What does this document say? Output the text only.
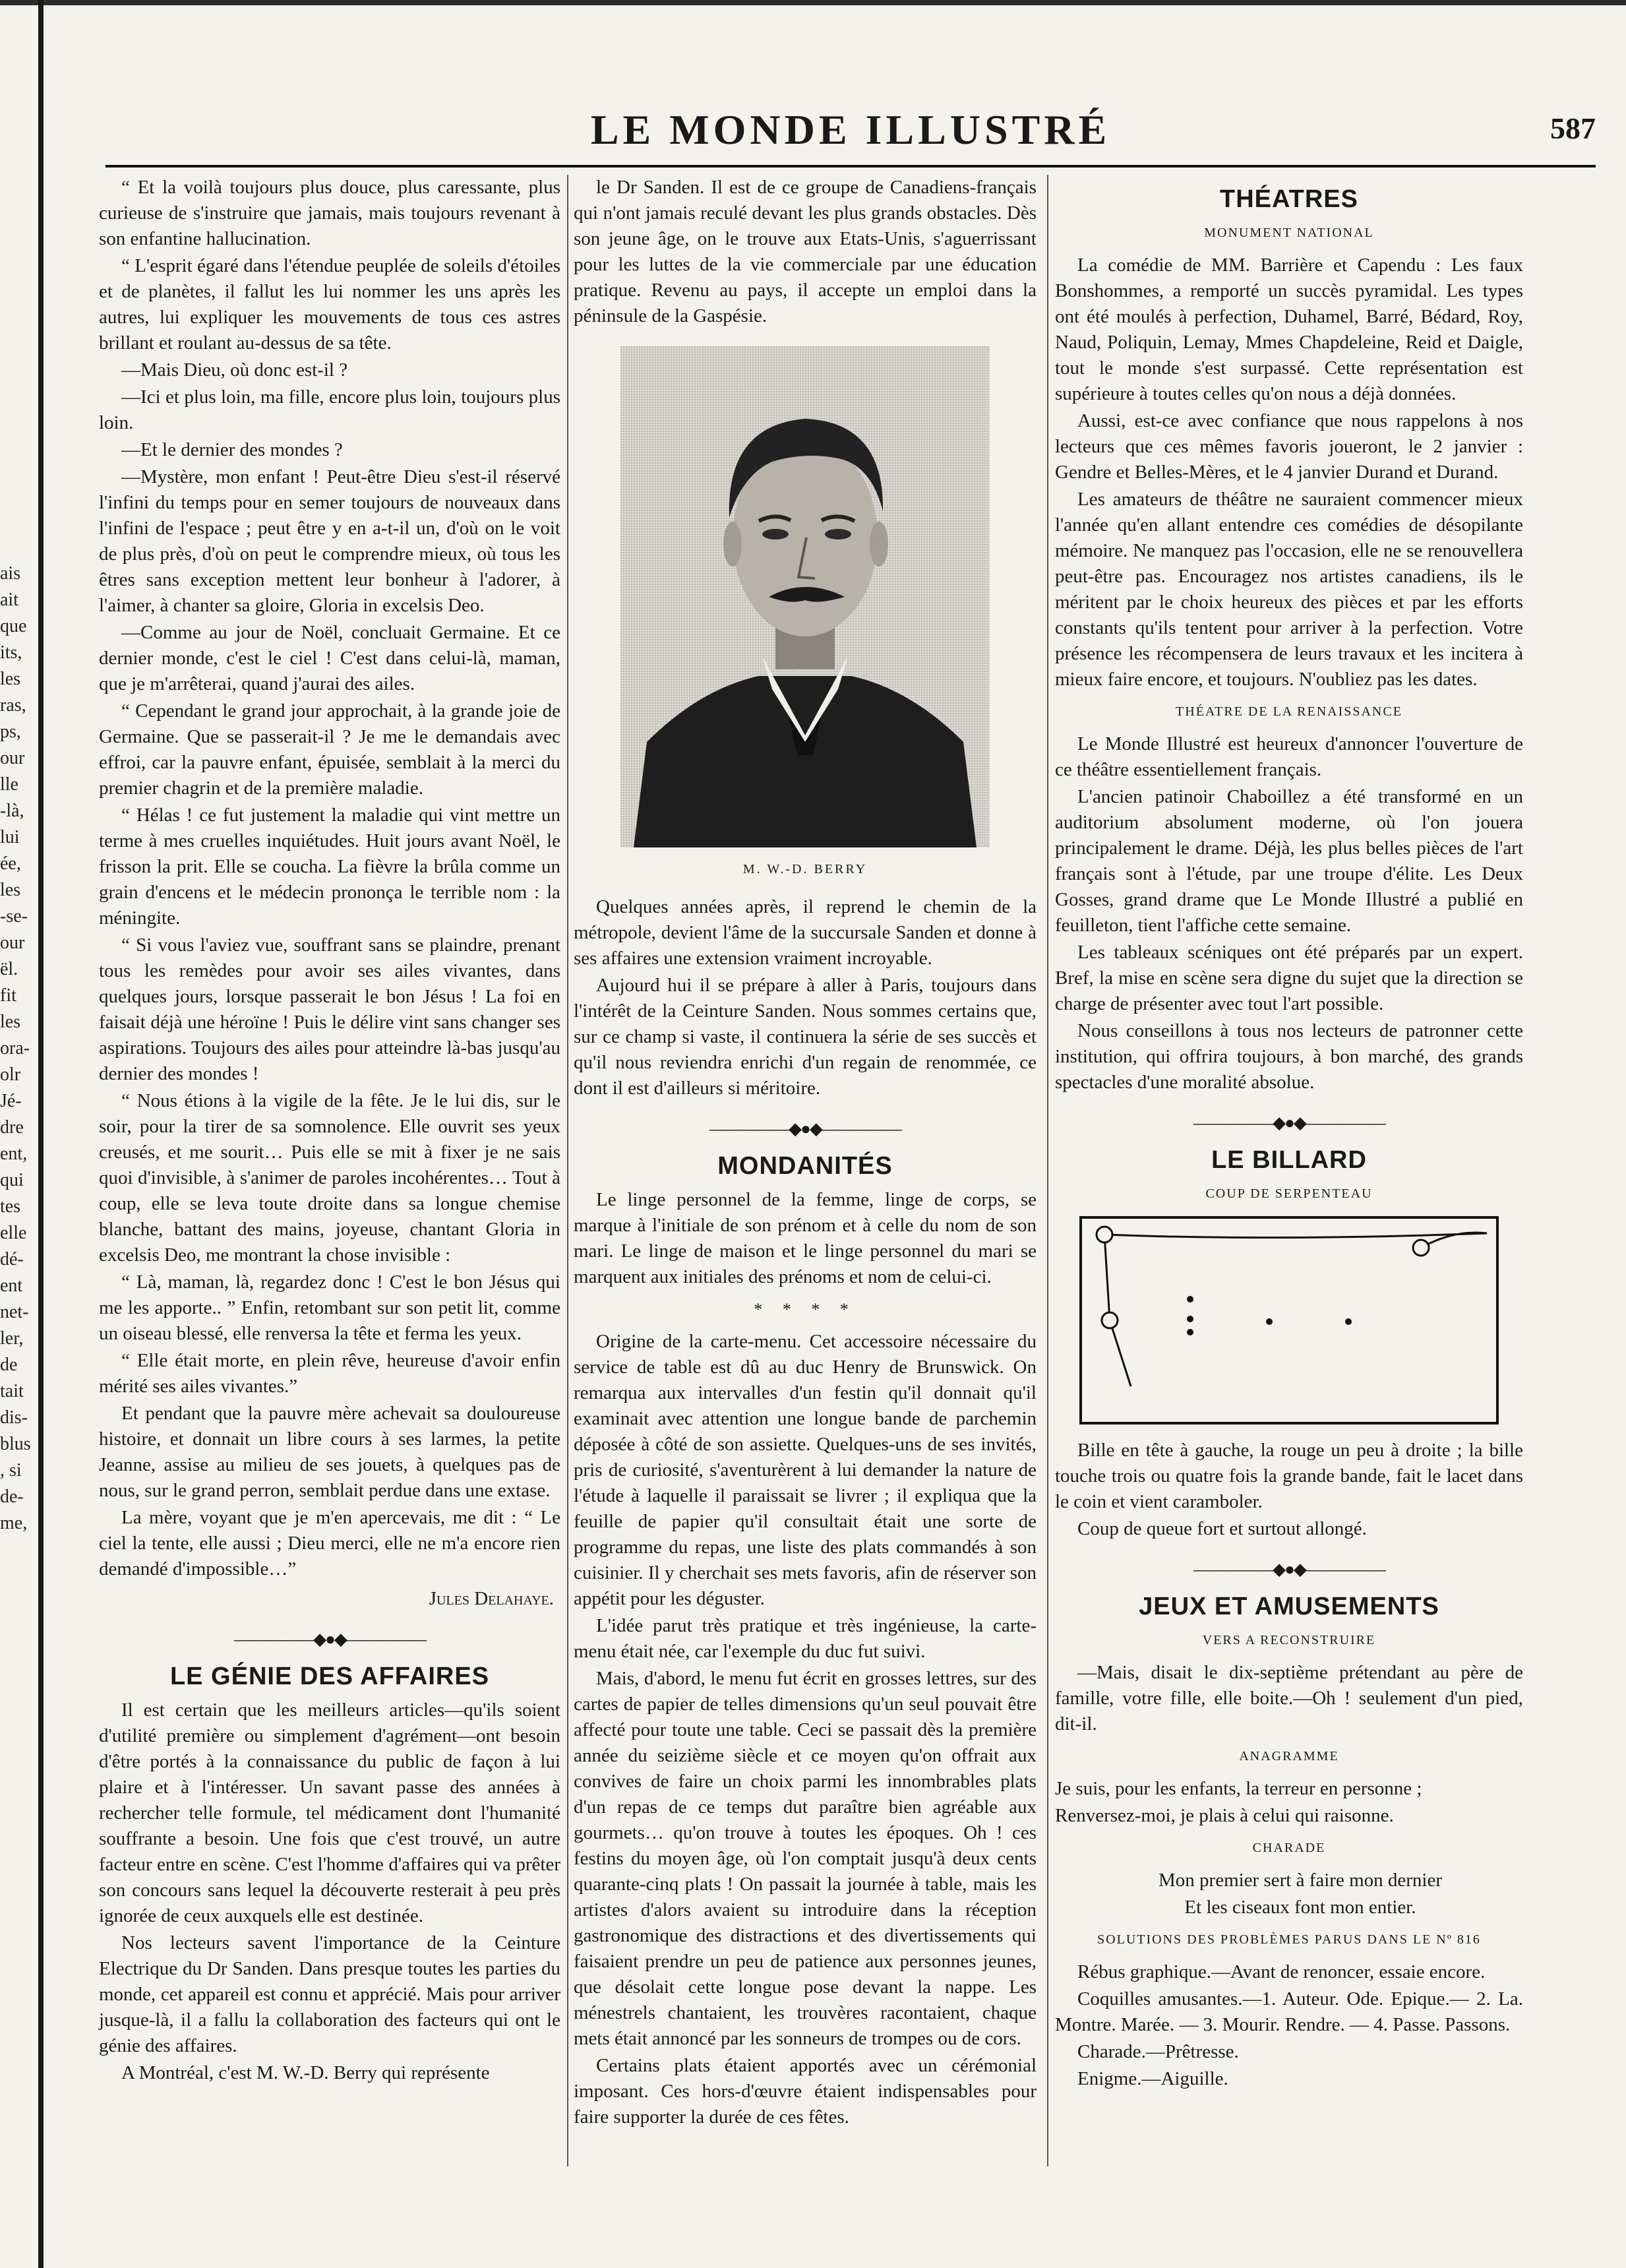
ais
ait
que
its,
les
ras,
ps,
our
lle
-là,
lui
ée,
les
-se-
our
ël.
fit
les
ora-
olr
Jé-
dre
ent,
qui
tes
elle
dé-
ent
net-
ler,
de
tait
dis-
blus
, si
de-
me,
LE MONDE ILLUSTRÉ	587

“ Et la voilà toujours plus douce, plus caressante, plus curieuse de s'instruire que jamais, mais toujours revenant à son enfantine hallucination.

“ L'esprit égaré dans l'étendue peuplée de soleils d'étoiles et de planètes, il fallut les lui nommer les uns après les autres, lui expliquer les mouvements de tous ces astres brillant et roulant au-dessus de sa tête.

—Mais Dieu, où donc est-il ?

—Ici et plus loin, ma fille, encore plus loin, toujours plus loin.

—Et le dernier des mondes ?

—Mystère, mon enfant ! Peut-être Dieu s'est-il réservé l'infini du temps pour en semer toujours de nouveaux dans l'infini de l'espace ; peut être y en a-t-il un, d'où on le voit de plus près, d'où on peut le comprendre mieux, où tous les êtres sans exception mettent leur bonheur à l'adorer, à l'aimer, à chanter sa gloire, Gloria in excelsis Deo.

—Comme au jour de Noël, concluait Germaine. Et ce dernier monde, c'est le ciel ! C'est dans celui-là, maman, que je m'arrêterai, quand j'aurai des ailes.

“ Cependant le grand jour approchait, à la grande joie de Germaine. Que se passerait-il ? Je me le demandais avec effroi, car la pauvre enfant, épuisée, semblait à la merci du premier chagrin et de la première maladie.

“ Hélas ! ce fut justement la maladie qui vint mettre un terme à mes cruelles inquiétudes. Huit jours avant Noël, le frisson la prit. Elle se coucha. La fièvre la brûla comme un grain d'encens et le médecin prononça le terrible nom : la méningite.

“ Si vous l'aviez vue, souffrant sans se plaindre, prenant tous les remèdes pour avoir ses ailes vivantes, dans quelques jours, lorsque passerait le bon Jésus ! La foi en faisait déjà une héroïne ! Puis le délire vint sans changer ses aspirations. Toujours des ailes pour atteindre là-bas jusqu'au dernier des mondes !

“ Nous étions à la vigile de la fête. Je le lui dis, sur le soir, pour la tirer de sa somnolence. Elle ouvrit ses yeux creusés, et me sourit… Puis elle se mit à fixer je ne sais quoi d'invisible, à s'animer de paroles incohérentes… Tout à coup, elle se leva toute droite dans sa longue chemise blanche, battant des mains, joyeuse, chantant Gloria in excelsis Deo, me montrant la chose invisible :

“ Là, maman, là, regardez donc ! C'est le bon Jésus qui me les apporte.. ” Enfin, retombant sur son petit lit, comme un oiseau blessé, elle renversa la tête et ferma les yeux.

“ Elle était morte, en plein rêve, heureuse d'avoir enfin mérité ses ailes vivantes.”

Et pendant que la pauvre mère achevait sa douloureuse histoire, et donnait un libre cours à ses larmes, la petite Jeanne, assise au milieu de ses jouets, à quelques pas de nous, sur le grand perron, semblait perdue dans une extase.

La mère, voyant que je m'en apercevais, me dit : “ Le ciel la tente, elle aussi ; Dieu merci, elle ne m'a encore rien demandé d'impossible…”

Jules Delahaye.
—————◆●◆—————
LE GÉNIE DES AFFAIRES

Il est certain que les meilleurs articles—qu'ils soient d'utilité première ou simplement d'agrément—ont besoin d'être portés à la connaissance du public de façon à lui plaire et à l'intéresser. Un savant passe des années à rechercher telle formule, tel médicament dont l'humanité souffrante a besoin. Une fois que c'est trouvé, un autre facteur entre en scène. C'est l'homme d'affaires qui va prêter son concours sans lequel la découverte resterait à peu près ignorée de ceux auxquels elle est destinée.

Nos lecteurs savent l'importance de la Ceinture Electrique du Dr Sanden. Dans presque toutes les parties du monde, cet appareil est connu et apprécié. Mais pour arriver jusque-là, il a fallu la collaboration des facteurs qui ont le génie des affaires.

A Montréal, c'est M. W.-D. Berry qui représente

le Dr Sanden. Il est de ce groupe de Canadiens-français qui n'ont jamais reculé devant les plus grands obstacles. Dès son jeune âge, on le trouve aux Etats-Unis, s'aguerrissant pour les luttes de la vie commerciale par une éducation pratique. Revenu au pays, il accepte un emploi dans la péninsule de la Gaspésie.

M. W.-D. BERRY

Quelques années après, il reprend le chemin de la métropole, devient l'âme de la succursale Sanden et donne à ses affaires une extension vraiment incroyable.

Aujourd hui il se prépare à aller à Paris, toujours dans l'intérêt de la Ceinture Sanden. Nous sommes certains que, sur ce champ si vaste, il continuera la série de ses succès et qu'il nous reviendra enrichi d'un regain de renommée, ce dont il est d'ailleurs si méritoire.

—————◆●◆—————
MONDANITÉS

Le linge personnel de la femme, linge de corps, se marque à l'initiale de son prénom et à celle du nom de son mari. Le linge de maison et le linge personnel du mari se marquent aux initiales des prénoms et nom de celui-ci.

* * * *

Origine de la carte-menu. Cet accessoire nécessaire du service de table est dû au duc Henry de Brunswick. On remarqua aux intervalles d'un festin qu'il donnait qu'il examinait avec attention une longue bande de parchemin déposée à côté de son assiette. Quelques-uns de ses invités, pris de curiosité, s'aventurèrent à lui demander la nature de l'étude à laquelle il paraissait se livrer ; il expliqua que la feuille de papier qu'il consultait était une sorte de programme du repas, une liste des plats commandés à son cuisinier. Il y cherchait ses mets favoris, afin de réserver son appétit pour les déguster.

L'idée parut très pratique et très ingénieuse, la carte-menu était née, car l'exemple du duc fut suivi.

Mais, d'abord, le menu fut écrit en grosses lettres, sur des cartes de papier de telles dimensions qu'un seul pouvait être affecté pour toute une table. Ceci se passait dès la première année du seizième siècle et ce moyen qu'on offrait aux convives de faire un choix parmi les innombrables plats d'un repas de ce temps dut paraître bien agréable aux gourmets… qu'on trouve à toutes les époques. Oh ! ces festins du moyen âge, où l'on comptait jusqu'à deux cents quarante-cinq plats ! On passait la journée à table, mais les artistes d'alors avaient su introduire dans la réception gastronomique des distractions et des divertissements qui faisaient prendre un peu de patience aux personnes jeunes, que désolait cette longue pose devant la nappe. Les ménestrels chantaient, les trouvères racontaient, chaque mets était annoncé par les sonneurs de trompes ou de cors.

Certains plats étaient apportés avec un cérémonial imposant. Ces hors-d'œuvre étaient indispensables pour faire supporter la durée de ces fêtes.

THÉATRES
MONUMENT NATIONAL

La comédie de MM. Barrière et Capendu : Les faux Bonshommes, a remporté un succès pyramidal. Les types ont été moulés à perfection, Duhamel, Barré, Bédard, Roy, Naud, Poliquin, Lemay, Mmes Chapdeleine, Reid et Daigle, tout le monde s'est surpassé. Cette représentation est supérieure à toutes celles qu'on nous a déjà données.

Aussi, est-ce avec confiance que nous rappelons à nos lecteurs que ces mêmes favoris joueront, le 2 janvier : Gendre et Belles-Mères, et le 4 janvier Durand et Durand.

Les amateurs de théâtre ne sauraient commencer mieux l'année qu'en allant entendre ces comédies de désopilante mémoire. Ne manquez pas l'occasion, elle ne se renouvellera peut-être pas. Encouragez nos artistes canadiens, ils le méritent par le choix heureux des pièces et par les efforts constants qu'ils tentent pour arriver à la perfection. Votre présence les récompensera de leurs travaux et les incitera à mieux faire encore, et toujours. N'oubliez pas les dates.

THÉATRE DE LA RENAISSANCE

Le Monde Illustré est heureux d'annoncer l'ouverture de ce théâtre essentiellement français.

L'ancien patinoir Chaboillez a été transformé en un auditorium absolument moderne, où l'on jouera principalement le drame. Déjà, les plus belles pièces de l'art français sont à l'étude, par une troupe d'élite. Les Deux Gosses, grand drame que Le Monde Illustré a publié en feuilleton, tient l'affiche cette semaine.

Les tableaux scéniques ont été préparés par un expert. Bref, la mise en scène sera digne du sujet que la direction se charge de présenter avec tout l'art possible.

Nous conseillons à tous nos lecteurs de patronner cette institution, qui offrira toujours, à bon marché, des grands spectacles d'une moralité absolue.

—————◆●◆—————
LE BILLARD
COUP DE SERPENTEAU

Bille en tête à gauche, la rouge un peu à droite ; la bille touche trois ou quatre fois la grande bande, fait le lacet dans le coin et vient caramboler.

Coup de queue fort et surtout allongé.

—————◆●◆—————
JEUX ET AMUSEMENTS
VERS A RECONSTRUIRE

—Mais, disait le dix-septième prétendant au père de famille, votre fille, elle boite.—Oh ! seulement d'un pied, dit-il.

ANAGRAMME

Je suis, pour les enfants, la terreur en personne ;

Renversez-moi, je plais à celui qui raisonne.

CHARADE

Mon premier sert à faire mon dernier

Et les ciseaux font mon entier.

SOLUTIONS DES PROBLÈMES PARUS DANS LE Nº 816

Rébus graphique.—Avant de renoncer, essaie encore.

Coquilles amusantes.—1. Auteur. Ode. Epique.— 2. La. Montre. Marée. — 3. Mourir. Rendre. — 4. Passe. Passons.

Charade.—Prêtresse.

Enigme.—Aiguille.
